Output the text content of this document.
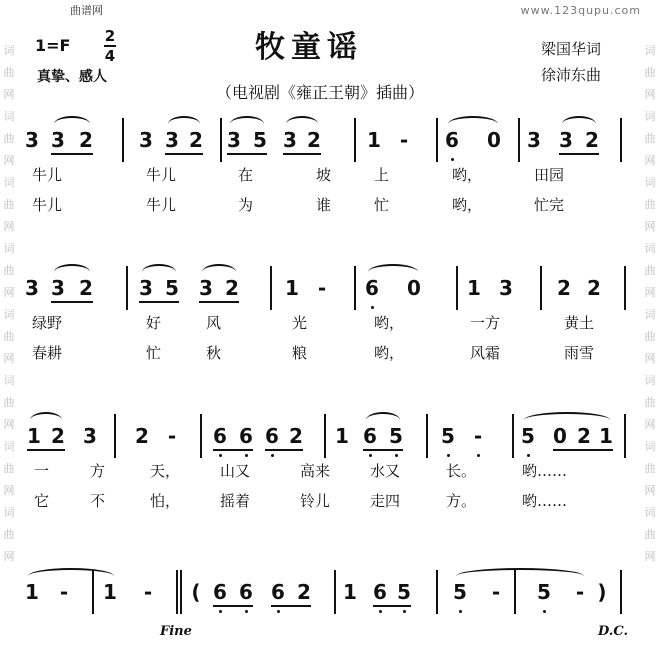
曲谱网	www.123qupu.com
词
曲
网
词
曲
网
词
曲
网
词
曲
网
词
曲
网
词
曲
网
词
曲
网
词
曲
网
词
曲
网
词
曲
网
词
曲
网
词
曲
网
词
曲
网
词
曲
网
词
曲
网
词
曲
网
1=F 2
4
真挚、感人
牧童谣	梁国华词
徐沛东曲
（电视剧《雍正王朝》插曲）
3 3 2 3 3 2 3 5 3 2 1 - 6 0 3 3 2
牛儿	牛儿	在	坡	上	哟，	田园
牛儿	牛儿	为	谁	忙	哟，	忙完
3 3 2 3 5 3 2 1 - 6 0 1 3 2 2
绿野	好	风	光	哟，	一方	黄土
春耕	忙	秋	粮	哟，	风霜	雨雪
1 2 3 2 - 6 6 6 2 1 6 5 5 - 5 0 2 1
一	方	天，	山又	高来	水又	长。	哟……
它	不	怕，	摇着	铃儿	走四	方。	哟……
1 - 1 - ( 6 6 6 2 1 6 5 5 - 5 - )
Fine	D.C.
